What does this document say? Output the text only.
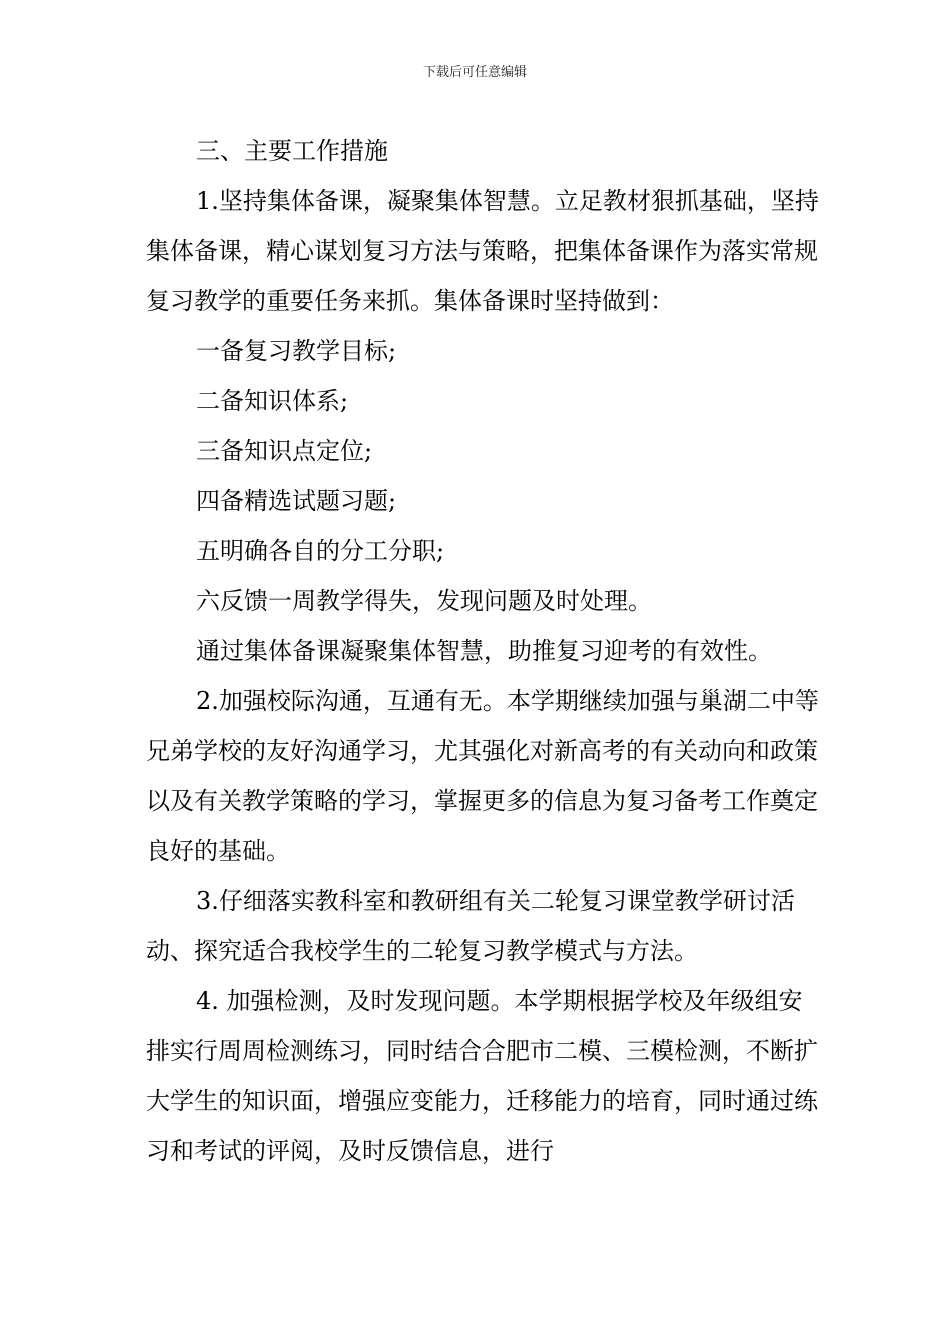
下载后可任意编辑

三、主要工作措施

1.坚持集体备课，凝聚集体智慧。立足教材狠抓基础，坚持集体备课，精心谋划复习方法与策略，把集体备课作为落实常规复习教学的重要任务来抓。集体备课时坚持做到：

一备复习教学目标;

二备知识体系;

三备知识点定位;

四备精选试题习题;

五明确各自的分工分职;

六反馈一周教学得失，发现问题及时处理。

通过集体备课凝聚集体智慧，助推复习迎考的有效性。

2.加强校际沟通，互通有无。本学期继续加强与巢湖二中等兄弟学校的友好沟通学习，尤其强化对新高考的有关动向和政策以及有关教学策略的学习，掌握更多的信息为复习备考工作奠定良好的基础。

3.仔细落实教科室和教研组有关二轮复习课堂教学研讨活动、探究适合我校学生的二轮复习教学模式与方法。

4. 加强检测，及时发现问题。本学期根据学校及年级组安排实行周周检测练习，同时结合合肥市二模、三模检测，不断扩大学生的知识面，增强应变能力，迁移能力的培育，同时通过练习和考试的评阅，及时反馈信息，进行
